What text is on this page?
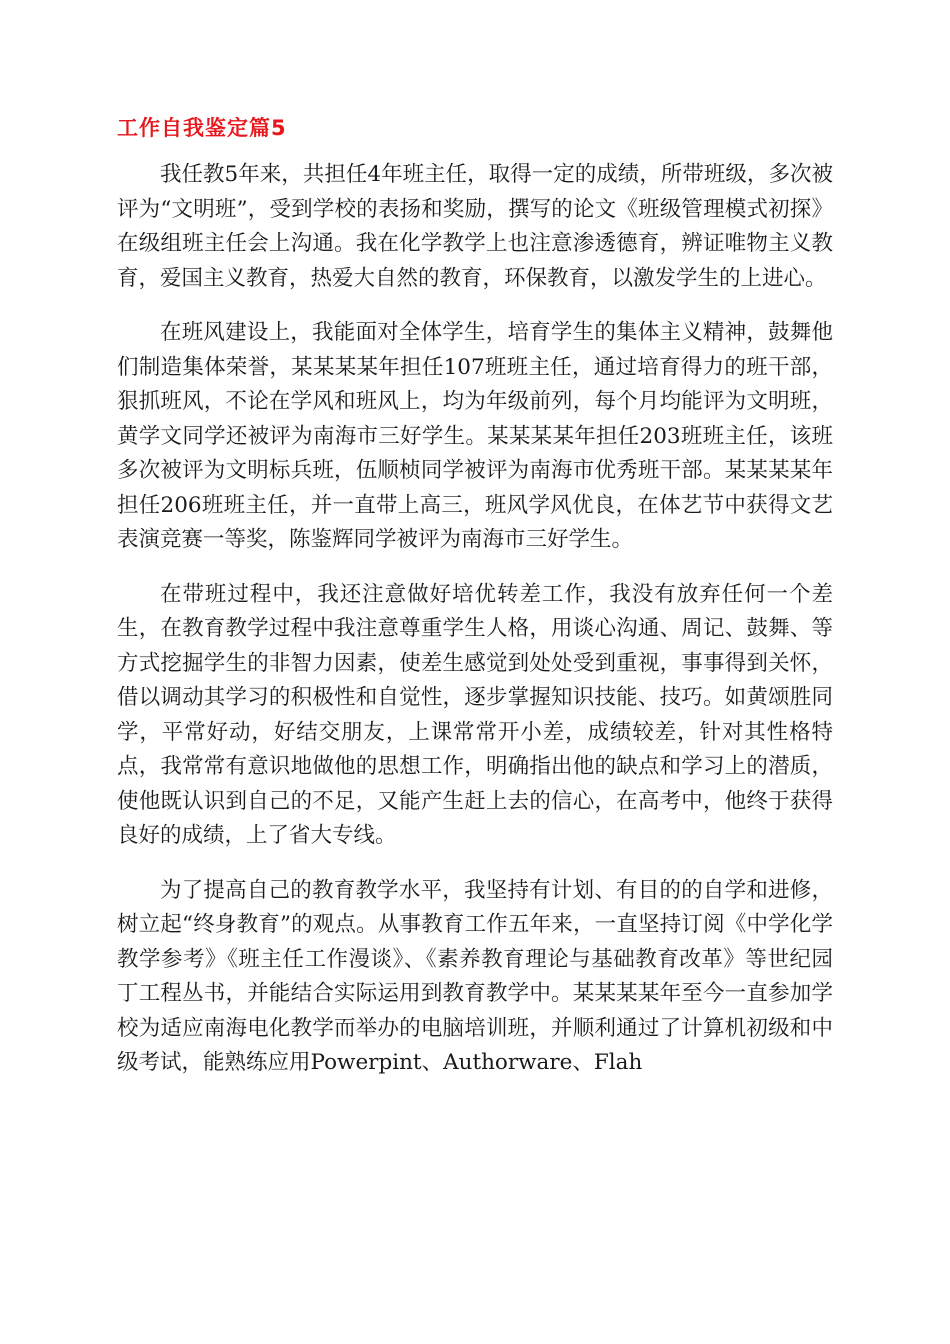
工作自我鉴定篇5

我任教5年来，共担任4年班主任，取得一定的成绩，所带班级，多次被评为“文明班”，受到学校的表扬和奖励，撰写的论文《班级管理模式初探》在级组班主任会上沟通。我在化学教学上也注意渗透德育，辨证唯物主义教育，爱国主义教育，热爱大自然的教育，环保教育，以激发学生的上进心。

在班风建设上，我能面对全体学生，培育学生的集体主义精神，鼓舞他们制造集体荣誉，某某某某年担任107班班主任，通过培育得力的班干部，狠抓班风，不论在学风和班风上，均为年级前列，每个月均能评为文明班，黄学文同学还被评为南海市三好学生。某某某某年担任203班班主任，该班多次被评为文明标兵班，伍顺桢同学被评为南海市优秀班干部。某某某某年担任206班班主任，并一直带上高三，班风学风优良，在体艺节中获得文艺表演竞赛一等奖，陈鉴辉同学被评为南海市三好学生。

在带班过程中，我还注意做好培优转差工作，我没有放弃任何一个差生，在教育教学过程中我注意尊重学生人格，用谈心沟通、周记、鼓舞、等方式挖掘学生的非智力因素，使差生感觉到处处受到重视，事事得到关怀，借以调动其学习的积极性和自觉性，逐步掌握知识技能、技巧。如黄颂胜同学，平常好动，好结交朋友，上课常常开小差，成绩较差，针对其性格特点，我常常有意识地做他的思想工作，明确指出他的缺点和学习上的潜质，使他既认识到自己的不足，又能产生赶上去的信心，在高考中，他终于获得良好的成绩，上了省大专线。

为了提高自己的教育教学水平，我坚持有计划、有目的的自学和进修，树立起“终身教育”的观点。从事教育工作五年来，一直坚持订阅《中学化学教学参考》《班主任工作漫谈》、《素养教育理论与基础教育改革》等世纪园丁工程丛书，并能结合实际运用到教育教学中。某某某某年至今一直参加学校为适应南海电化教学而举办的电脑培训班，并顺利通过了计算机初级和中级考试，能熟练应用Powerpint、Authorware、Flah
